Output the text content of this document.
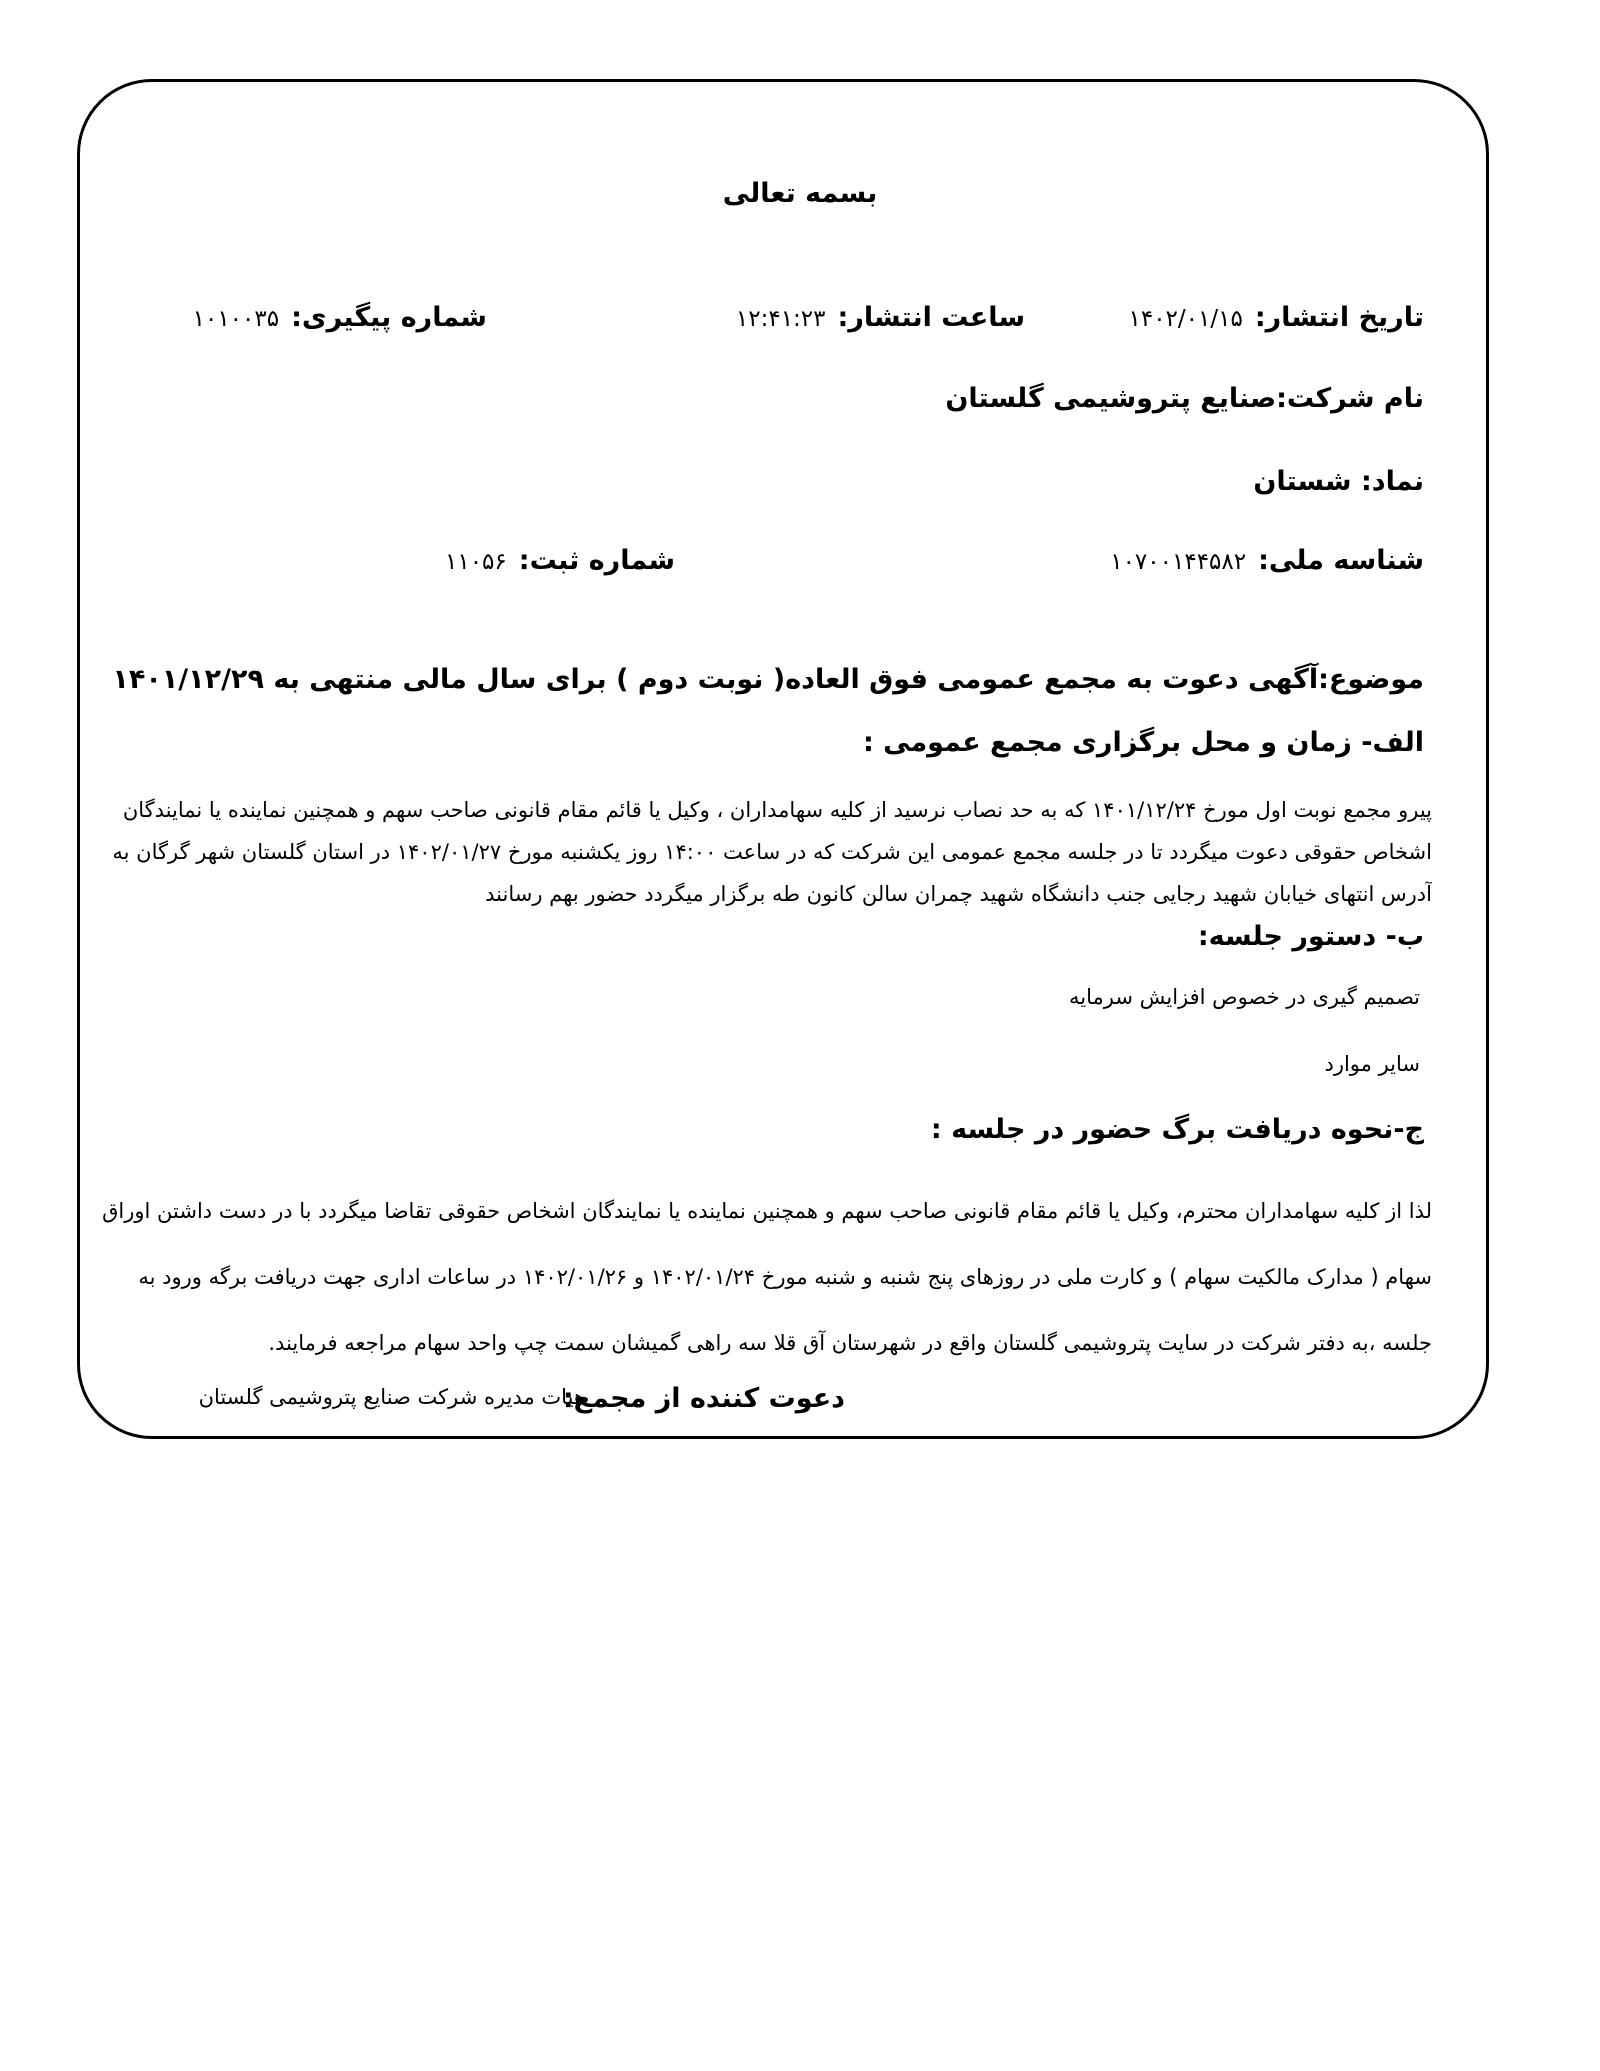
بسمه تعالی
تاریخ انتشار:۱۴۰۲/۰۱/۱۵
ساعت انتشار:۱۲:۴۱:۲۳
شماره پیگیری:۱۰۱۰۰۳۵
نام شرکت:صنایع پتروشیمی گلستان
نماد: شستان
شناسه ملی:۱۰۷۰۰۱۴۴۵۸۲
شماره ثبت:۱۱۰۵۶
موضوع:آگهی دعوت به مجمع عمومی فوق العاده( نوبت دوم ) برای سال مالی منتهی به ۱۴۰۱/۱۲/۲۹
الف- زمان و محل برگزاری مجمع عمومی :
پیرو مجمع نوبت اول مورخ ۱۴۰۱/۱۲/۲۴ که به حد نصاب نرسید از کلیه سهامداران ، وکیل یا قائم مقام قانونی صاحب سهم و همچنین نماینده یا نمایندگان
اشخاص حقوقی دعوت میگردد تا در جلسه مجمع عمومی این شرکت که در ساعت ۱۴:۰۰ روز یکشنبه مورخ ۱۴۰۲/۰۱/۲۷ در استان گلستان شهر گرگان به
آدرس انتهای خیابان شهید رجایی جنب دانشگاه شهید چمران سالن کانون طه برگزار میگردد حضور بهم رسانند
ب- دستور جلسه:
تصمیم گیری در خصوص افزایش سرمایه
سایر موارد
ج-نحوه دریافت برگ حضور در جلسه :
لذا از کلیه سهامداران محترم، وکیل یا قائم مقام قانونی صاحب سهم و همچنین نماینده یا نمایندگان اشخاص حقوقی تقاضا میگردد با در دست داشتن اوراق
سهام ( مدارک مالکیت سهام ) و کارت ملی در روزهای پنج شنبه و شنبه مورخ ۱۴۰۲/۰۱/۲۴ و ۱۴۰۲/۰۱/۲۶ در ساعات اداری جهت دریافت برگه ورود به
جلسه ،به دفتر شرکت در سایت پتروشیمی گلستان واقع در شهرستان آق قلا سه راهی گمیشان سمت چپ واحد سهام مراجعه فرمایند.
دعوت کننده از مجمع:
هیات مدیره شرکت صنایع پتروشیمی گلستان
